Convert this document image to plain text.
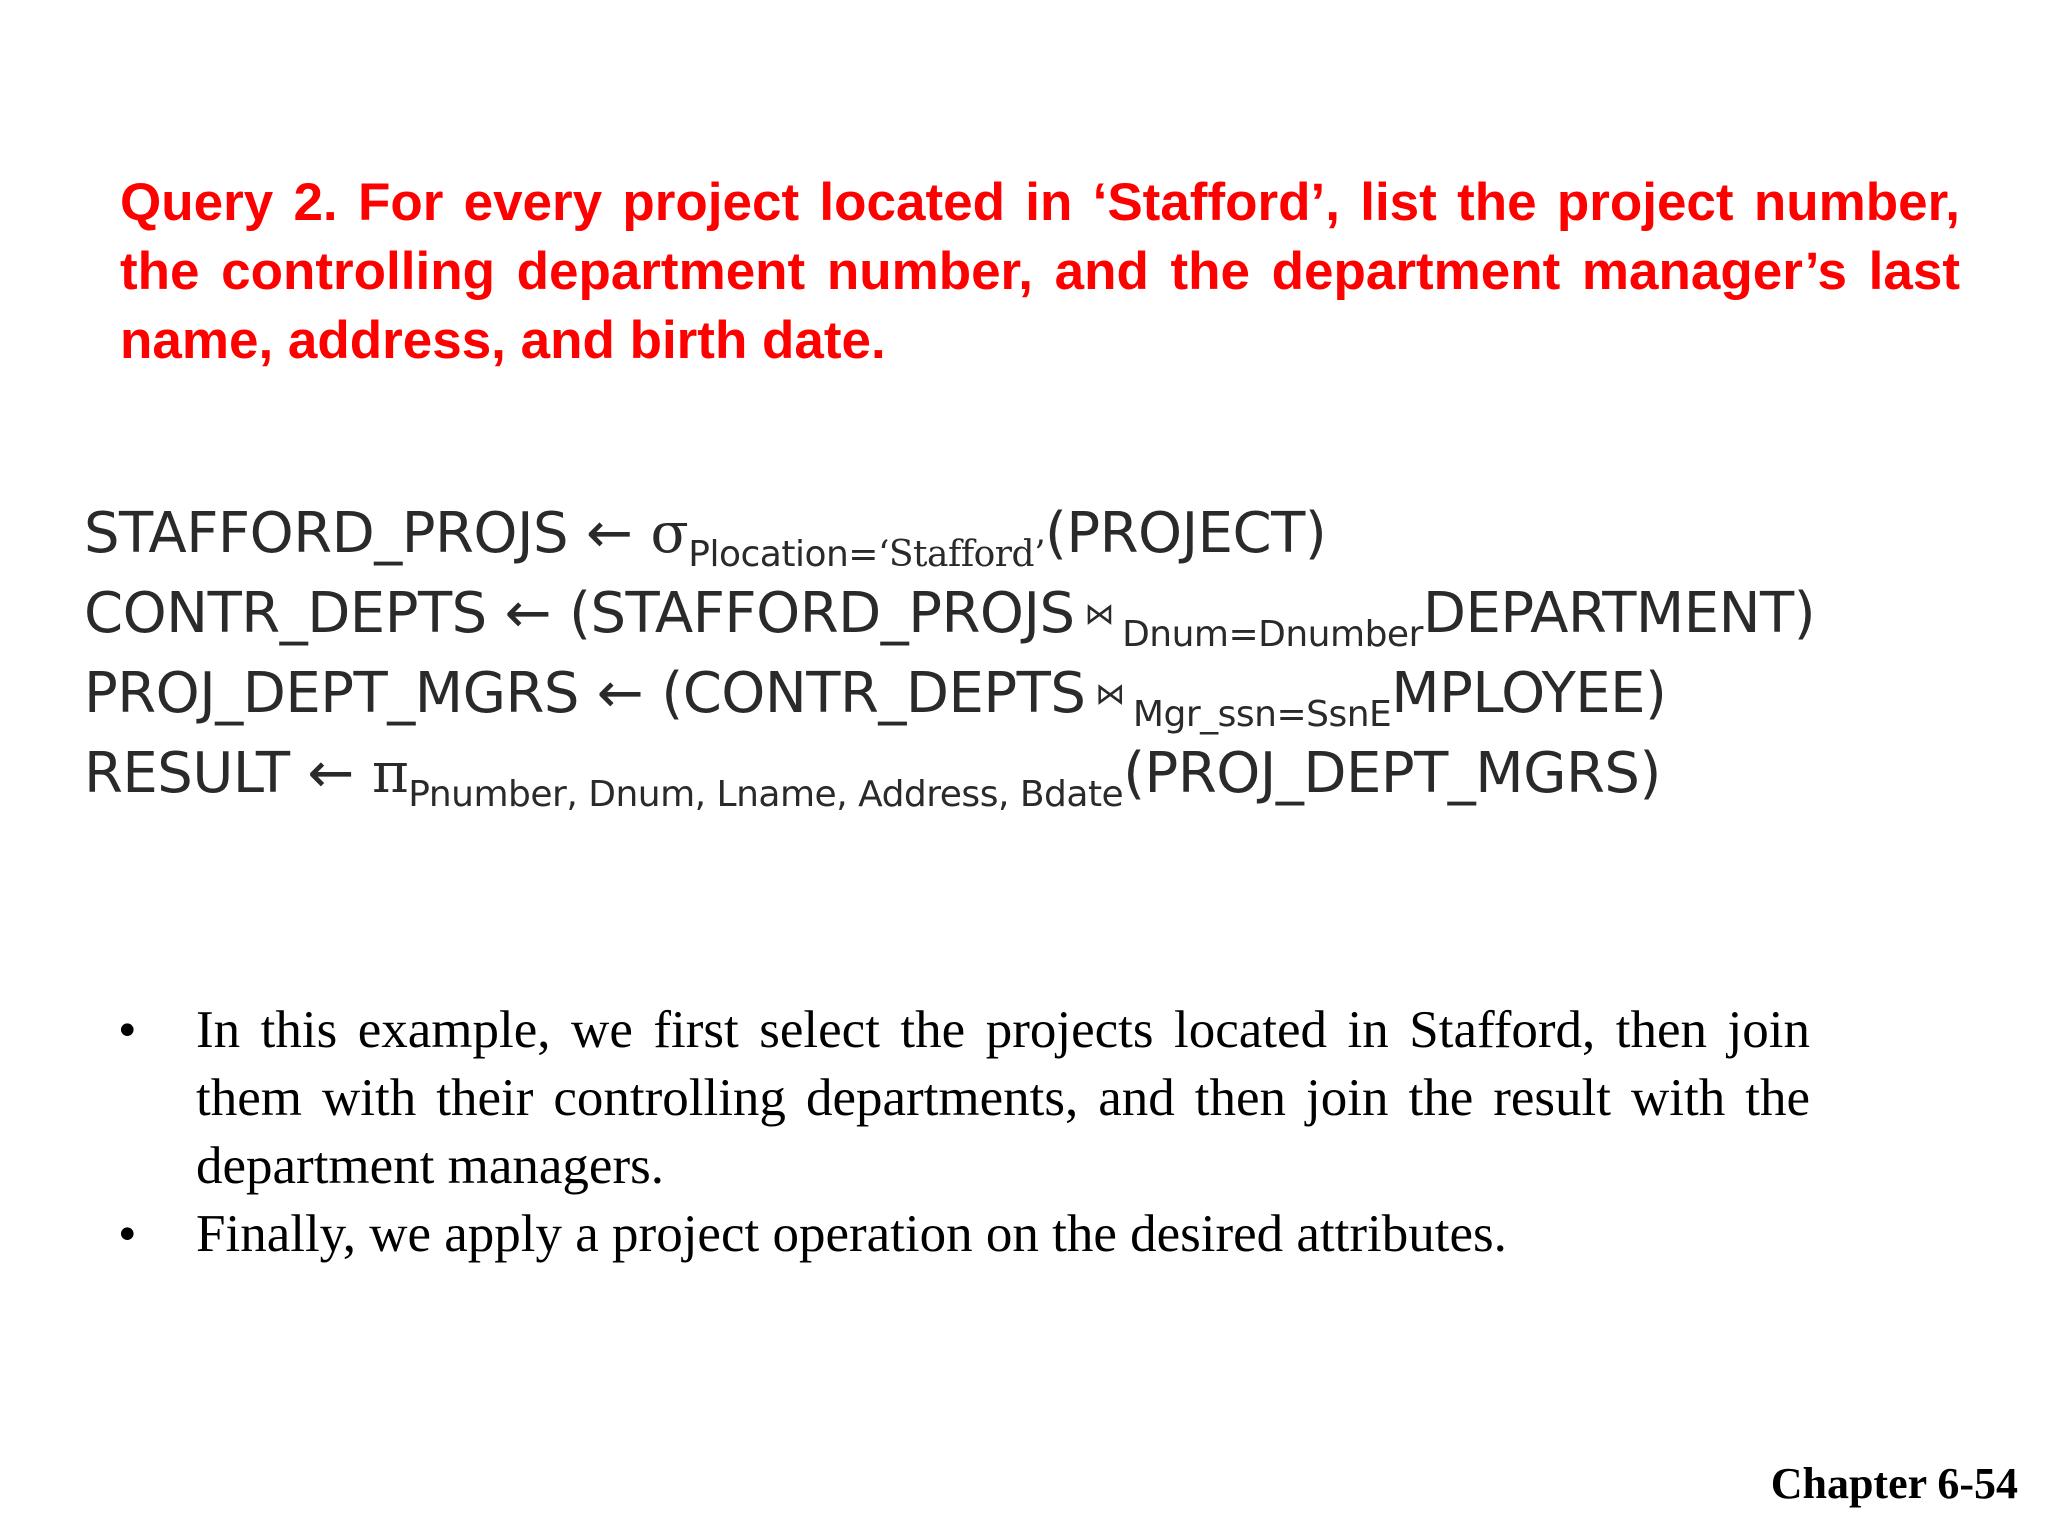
Query 2. For every project located in ‘Stafford’, list the project number, the controlling department number, and the department manager’s last name, address, and birth date.
STAFFORD_PROJS ← $\sigma_{Plocation=‘Stafford’}(PROJECT)$
CONTR_DEPTS ← (STAFFORD_PROJS ⋈ $_{Dnum=Dnumber}$DEPARTMENT)
PROJ_DEPT_MGRS ← (CONTR_DEPTS ⋈ $_{Mgr\_ssn=SsnE}$MPLOYEE)
RESULT ← $\pi_{Pnumber, Dnum, Lname, Address, Bdate}(PROJ\_DEPT\_MGRS)$
• In this example, we first select the projects located in Stafford, then join them with their controlling departments, and then join the result with the department managers.
• Finally, we apply a project operation on the desired attributes.
Chapter 6-54
